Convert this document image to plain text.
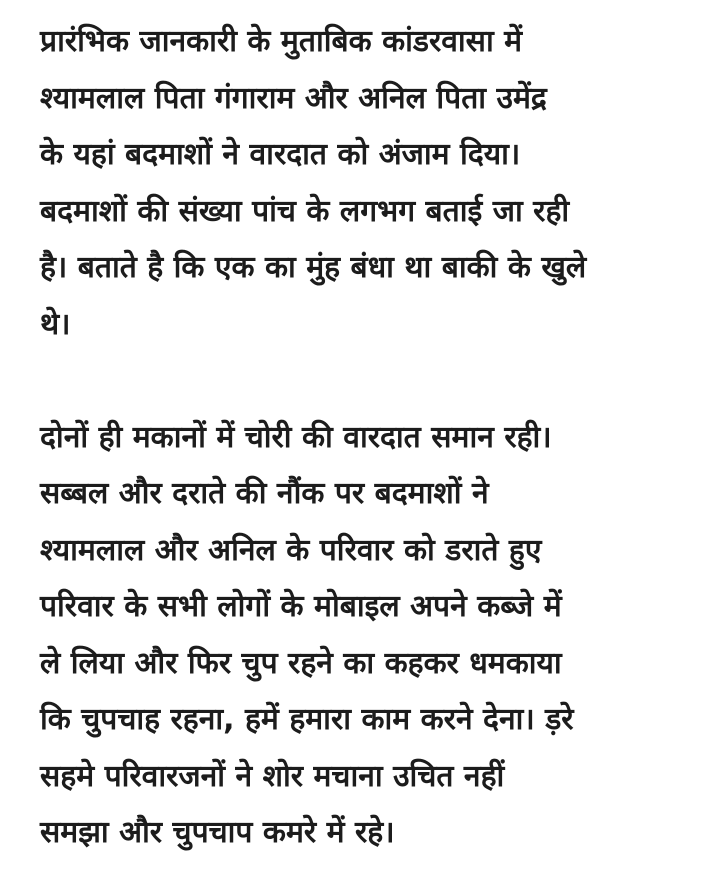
प्रारंभिक जानकारी के मुताबिक कांडरवासा में
श्यामलाल पिता गंगाराम और अनिल पिता उमेंद्र
के यहां बदमाशों ने वारदात को अंजाम दिया।
बदमाशों की संख्या पांच के लगभग बताई जा रही
है। बताते है कि एक का मुंह बंधा था बाकी के खुले
थे।

दोनों ही मकानों में चोरी की वारदात समान रही।
सब्बल और दराते की नौंक पर बदमाशों ने
श्यामलाल और अनिल के परिवार को डराते हुए
परिवार के सभी लोगों के मोबाइल अपने कब्जे में
ले लिया और फिर चुप रहने का कहकर धमकाया
कि चुपचाह रहना, हमें हमारा काम करने देना। ड़रे
सहमे परिवारजनों ने शोर मचाना उचित नहीं
समझा और चुपचाप कमरे में रहे।
